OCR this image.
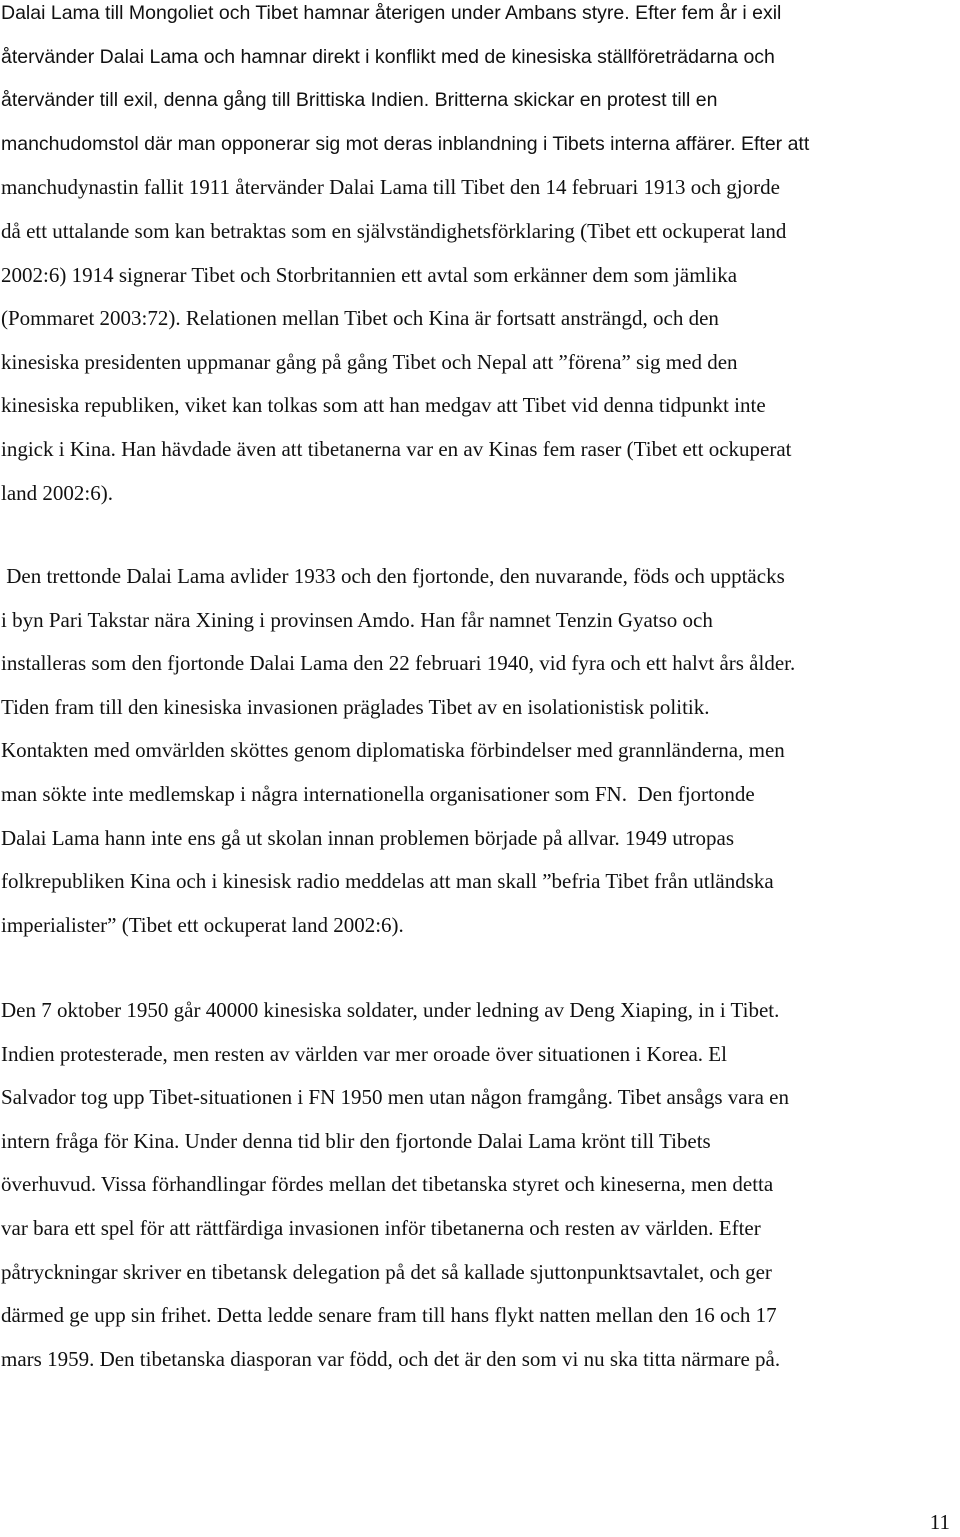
Dalai Lama till Mongoliet och Tibet hamnar återigen under Ambans styre. Efter fem år i exil
återvänder Dalai Lama och hamnar direkt i konflikt med de kinesiska ställföreträdarna och
återvänder till exil, denna gång till Brittiska Indien. Britterna skickar en protest till en
manchudomstol där man opponerar sig mot deras inblandning i Tibets interna affärer. Efter att
manchudynastin fallit 1911 återvänder Dalai Lama till Tibet den 14 februari 1913 och gjorde
då ett uttalande som kan betraktas som en självständighetsförklaring (Tibet ett ockuperat land
2002:6) 1914 signerar Tibet och Storbritannien ett avtal som erkänner dem som jämlika
(Pommaret 2003:72). Relationen mellan Tibet och Kina är fortsatt ansträngd, och den
kinesiska presidenten uppmanar gång på gång Tibet och Nepal att ”förena” sig med den
kinesiska republiken, viket kan tolkas som att han medgav att Tibet vid denna tidpunkt inte
ingick i Kina. Han hävdade även att tibetanerna var en av Kinas fem raser (Tibet ett ockuperat
land 2002:6).
Den trettonde Dalai Lama avlider 1933 och den fjortonde, den nuvarande, föds och upptäcks
i byn Pari Takstar nära Xining i provinsen Amdo. Han får namnet Tenzin Gyatso och
installeras som den fjortonde Dalai Lama den 22 februari 1940, vid fyra och ett halvt års ålder.
Tiden fram till den kinesiska invasionen präglades Tibet av en isolationistisk politik.
Kontakten med omvärlden sköttes genom diplomatiska förbindelser med grannländerna, men
man sökte inte medlemskap i några internationella organisationer som FN.  Den fjortonde
Dalai Lama hann inte ens gå ut skolan innan problemen började på allvar. 1949 utropas
folkrepubliken Kina och i kinesisk radio meddelas att man skall ”befria Tibet från utländska
imperialister” (Tibet ett ockuperat land 2002:6).
Den 7 oktober 1950 går 40000 kinesiska soldater, under ledning av Deng Xiaping, in i Tibet.
Indien protesterade, men resten av världen var mer oroade över situationen i Korea. El
Salvador tog upp Tibet-situationen i FN 1950 men utan någon framgång. Tibet ansågs vara en
intern fråga för Kina. Under denna tid blir den fjortonde Dalai Lama krönt till Tibets
överhuvud. Vissa förhandlingar fördes mellan det tibetanska styret och kineserna, men detta
var bara ett spel för att rättfärdiga invasionen inför tibetanerna och resten av världen. Efter
påtryckningar skriver en tibetansk delegation på det så kallade sjuttonpunktsavtalet, och ger
därmed ge upp sin frihet. Detta ledde senare fram till hans flykt natten mellan den 16 och 17
mars 1959. Den tibetanska diasporan var född, och det är den som vi nu ska titta närmare på.

11
